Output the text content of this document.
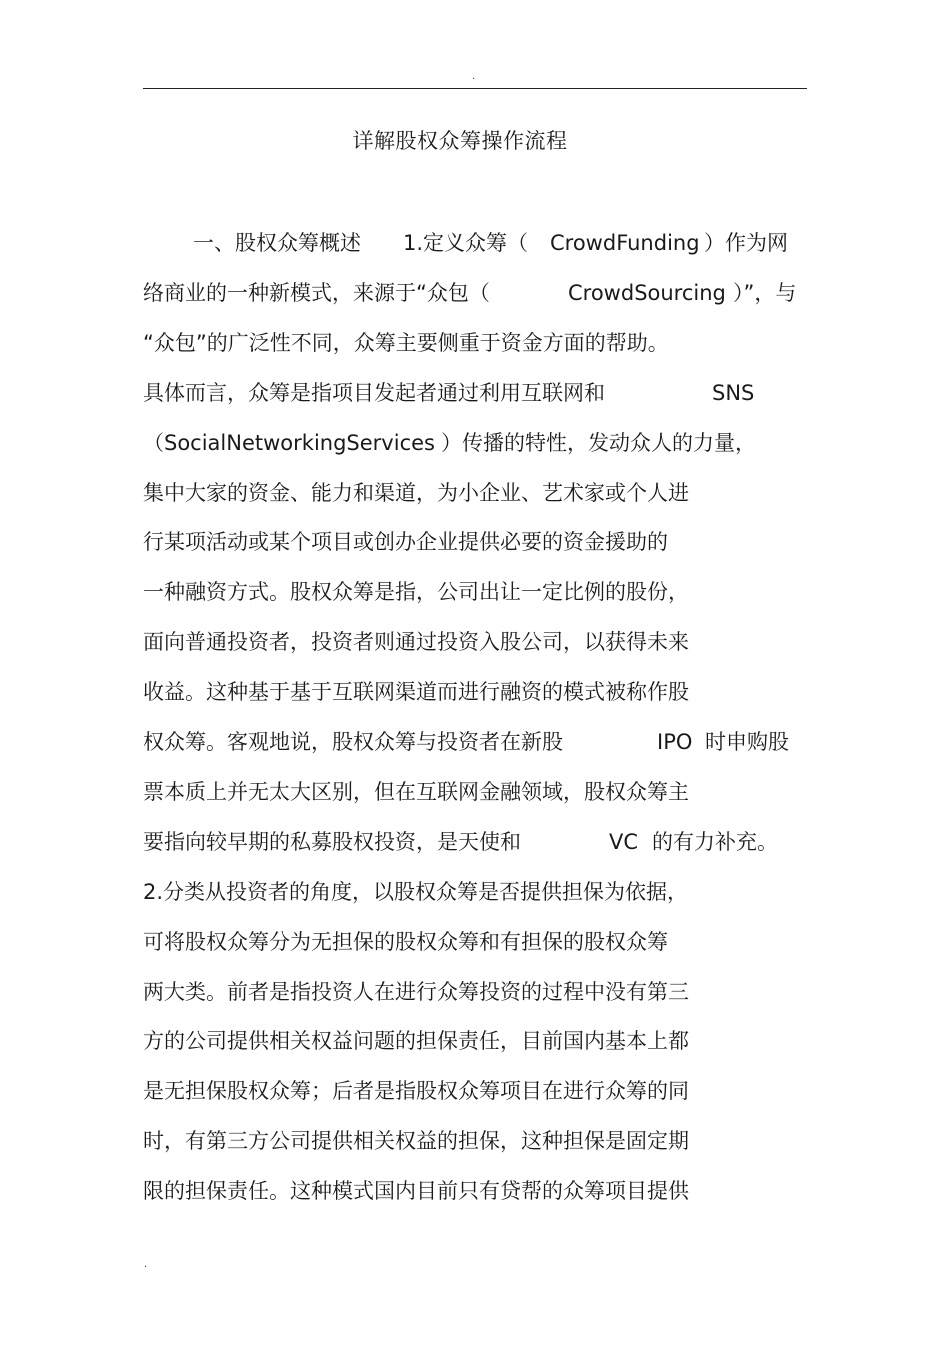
.
详解股权众筹操作流程
一、股权众筹概述 1.定义众筹（ CrowdFunding ）作为网
络商业的一种新模式，来源于“众包（	CrowdSourcing ）”，与
“众包”的广泛性不同，众筹主要侧重于资金方面的帮助。
具体而言，众筹是指项目发起者通过利用互联网和	SNS
（SocialNetworkingServices ）传播的特性，发动众人的力量，
集中大家的资金、能力和渠道，为小企业、艺术家或个人进
行某项活动或某个项目或创办企业提供必要的资金援助的
一种融资方式。股权众筹是指，公司出让一定比例的股份，
面向普通投资者，投资者则通过投资入股公司，以获得未来
收益。这种基于基于互联网渠道而进行融资的模式被称作股
权众筹。客观地说，股权众筹与投资者在新股	IPO 时申购股
票本质上并无太大区别，但在互联网金融领域，股权众筹主
要指向较早期的私募股权投资，是天使和	VC 的有力补充。
2.分类从投资者的角度，以股权众筹是否提供担保为依据，
可将股权众筹分为无担保的股权众筹和有担保的股权众筹
两大类。前者是指投资人在进行众筹投资的过程中没有第三
方的公司提供相关权益问题的担保责任，目前国内基本上都
是无担保股权众筹；后者是指股权众筹项目在进行众筹的同
时，有第三方公司提供相关权益的担保，这种担保是固定期
限的担保责任。这种模式国内目前只有贷帮的众筹项目提供
.
